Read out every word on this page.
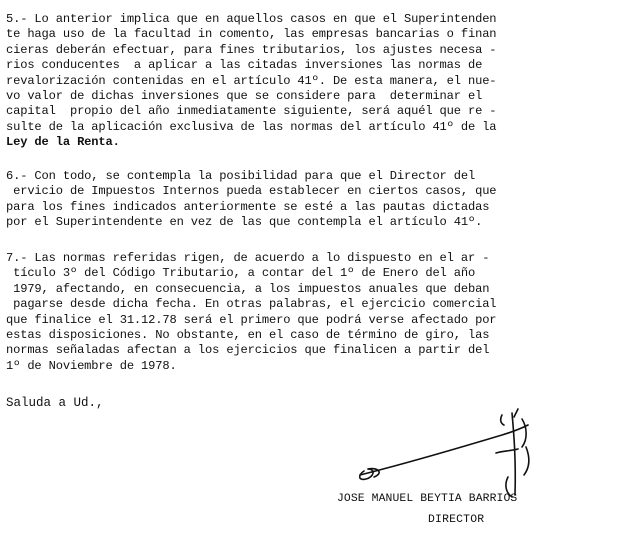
5.- Lo anterior implica que en aquellos casos en que el Superintenden
te haga uso de la facultad in comento, las empresas bancarias o finan
cieras deberán efectuar, para fines tributarios, los ajustes necesa -
rios conducentes  a aplicar a las citadas inversiones las normas de
revalorización contenidas en el artículo 41º. De esta manera, el nue-
vo valor de dichas inversiones que se considere para  determinar el
capital  propio del año inmediatamente siguiente, será aquél que re -
sulte de la aplicación exclusiva de las normas del artículo 41º de la
Ley de la Renta.
6.- Con todo, se contempla la posibilidad para que el Director del
ervicio de Impuestos Internos pueda establecer en ciertos casos, que
para los fines indicados anteriormente se esté a las pautas dictadas
por el Superintendente en vez de las que contempla el artículo 41º.
7.- Las normas referidas rigen, de acuerdo a lo dispuesto en el ar -
tículo 3º del Código Tributario, a contar del 1º de Enero del año
1979, afectando, en consecuencia, a los impuestos anuales que deban
pagarse desde dicha fecha. En otras palabras, el ejercicio comercial
que finalice el 31.12.78 será el primero que podrá verse afectado por
estas disposiciones. No obstante, en el caso de término de giro, las
normas señaladas afectan a los ejercicios que finalicen a partir del
1º de Noviembre de 1978.
Saluda a Ud.,
JOSE MANUEL BEYTIA BARRIOS
DIRECTOR
